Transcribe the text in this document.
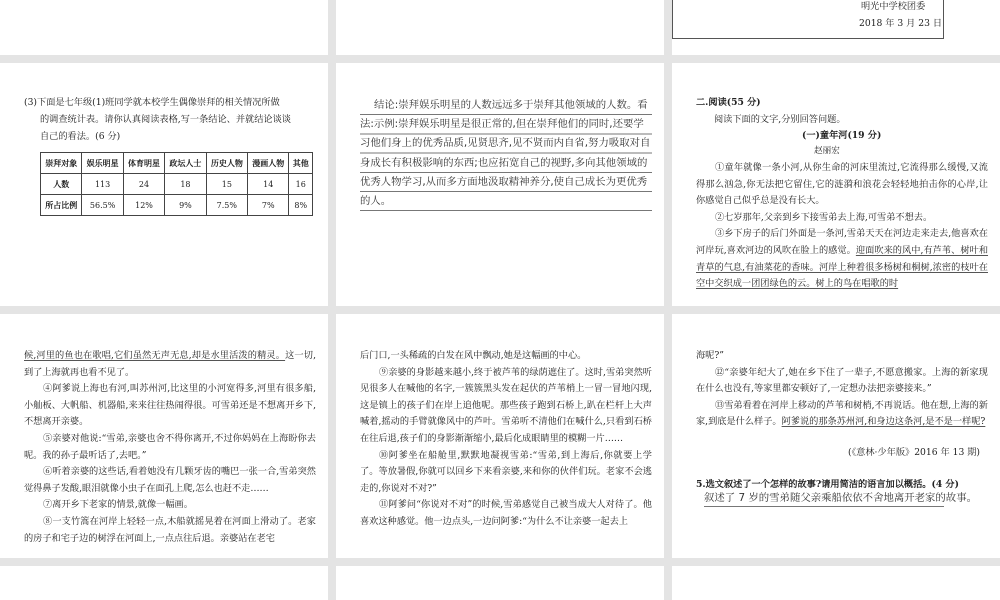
明光中学校团委
2018 年 3 月 23 日
(3)下面是七年级(1)班同学就本校学生偶像崇拜的相关情况所做
的调查统计表。请你认真阅读表格,写一条结论、并就结论谈谈
自己的看法。(6 分)
崇拜对象	娱乐明星	体育明星	政坛人士	历史人物	漫画人物	其他
人数	113	24	18	15	14	16
所占比例	56.5%	12%	9%	7.5%	7%	8%
结论:崇拜娱乐明星的人数远远多于崇拜其他领域的人数。看法:示例:崇拜娱乐明星是很正常的,但在崇拜他们的同时,还要学习他们身上的优秀品质,见贤思齐,见不贤而内自省,努力吸取对自身成长有积极影响的东西;也应拓宽自己的视野,多向其他领域的优秀人物学习,从而多方面地汲取精神养分,使自己成长为更优秀的人。
二.阅读(55 分)
阅读下面的文字,分别回答问题。
(一)童年河(19 分)
赵丽宏
①童年就像一条小河,从你生命的河床里流过,它流得那么缓慢,又流得那么汹急,你无法把它留住,它的涟漪和浪花会轻轻地拍击你的心岸,让你感觉自己似乎总是没有长大。
②七岁那年,父亲到乡下接雪弟去上海,可雪弟不想去。
③乡下房子的后门外面是一条河,雪弟天天在河边走来走去,他喜欢在河岸玩,喜欢河边的风吹在脸上的感觉。迎面吹来的风中,有芦苇、树叶和青草的气息,有油菜花的香味。河岸上种着很多杨树和桐树,浓密的枝叶在空中交织成一团团绿色的云。树上的鸟在唱歌的时
候,河里的鱼也在歌唱,它们虽然无声无息,却是水里活泼的精灵。这一切,到了上海就再也看不见了。
④阿爹说上海也有河,叫苏州河,比这里的小河宽得多,河里有很多船,小舢板、大帆船、机器船,来来往往热闹得很。可雪弟还是不想离开乡下,不想离开亲婆。
⑤亲婆对他说:“雪弟,亲婆也舍不得你离开,不过你妈妈在上海盼你去呢。我的孙子最听话了,去吧。”
⑥听着亲婆的这些话,看着她没有几颗牙齿的嘴巴一张一合,雪弟突然觉得鼻子发酸,眼泪就像小虫子在面孔上爬,怎么也赶不走……
⑦离开乡下老家的情景,就像一幅画。
⑧一支竹篙在河岸上轻轻一点,木船就摇晃着在河面上滑动了。老家的房子和宅子边的树浮在河面上,一点点往后退。亲婆站在老宅
后门口,一头稀疏的白发在风中飘动,她是这幅画的中心。
⑨亲婆的身影越来越小,终于被芦苇的绿荫遮住了。这时,雪弟突然听见很多人在喊他的名字,一簇簇黑头发在起伏的芦苇梢上一冒一冒地闪现,这是镇上的孩子们在岸上追他呢。那些孩子跑到石桥上,趴在栏杆上大声喊着,摇动的手臂就像风中的芦叶。雪弟听不清他们在喊什么,只看到石桥在往后退,孩子们的身影渐渐缩小,最后化成眼睛里的模糊一片……
⑩阿爹坐在船舱里,默默地凝视雪弟:“雪弟,到上海后,你就要上学了。等放暑假,你就可以回乡下来看亲婆,来和你的伙伴们玩。老家不会逃走的,你说对不对?”
⑪阿爹问“你说对不对”的时候,雪弟感觉自己被当成大人对待了。他喜欢这种感觉。他一边点头,一边问阿爹:“为什么不让亲婆一起去上
海呢?”
⑫“亲婆年纪大了,她在乡下住了一辈子,不愿意搬家。上海的新家现在什么也没有,等家里都安顿好了,一定想办法把亲婆接来。”
⑬雪弟看着在河岸上移动的芦苇和树梢,不再说话。他在想,上海的新家,到底是什么样子。阿爹说的那条苏州河,和身边这条河,是不是一样呢?
(《意林·少年版》2016 年 13 期)
5.选文叙述了一个怎样的故事?请用简洁的语言加以概括。(4 分)
叙述了 7 岁的雪弟随父亲乘船依依不舍地离开老家的故事。
